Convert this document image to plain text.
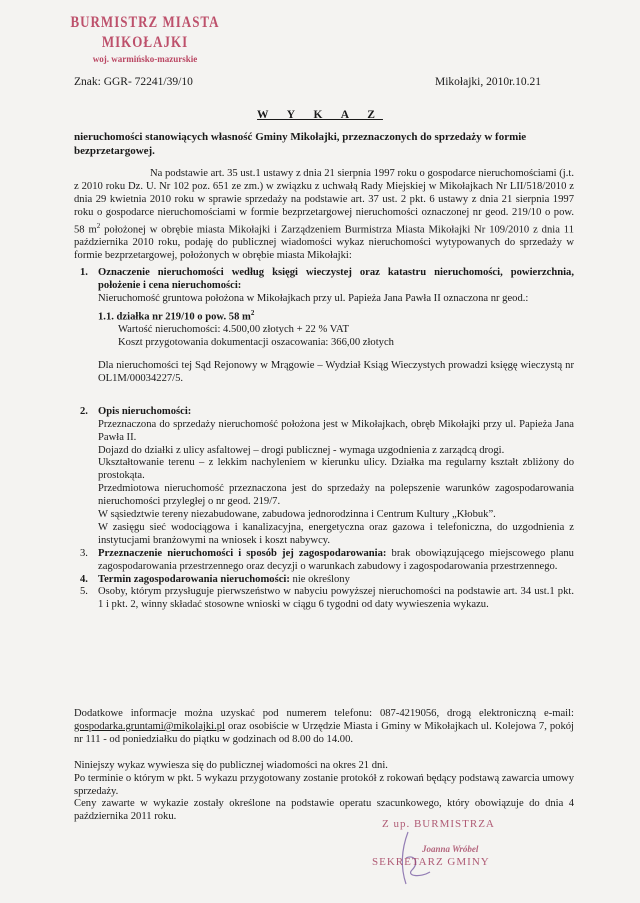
BURMISTRZ MIASTA MIKOŁAJKI
woj. warmińsko-mazurskie
Znak: GGR- 72241/39/10	Mikołajki, 2010r.10.21
W Y K A Z
nieruchomości stanowiących własność Gminy Mikołajki, przeznaczonych do sprzedaży w formie bezprzetargowej.

Na podstawie art. 35 ust.1 ustawy z dnia 21 sierpnia 1997 roku o gospodarce nieruchomościami (j.t. z 2010 roku Dz. U. Nr 102 poz. 651 ze zm.) w związku z uchwałą Rady Miejskiej w Mikołajkach Nr LII/518/2010 z dnia 29 kwietnia 2010 roku w sprawie sprzedaży na podstawie art. 37 ust. 2 pkt. 6 ustawy z dnia 21 sierpnia 1997 roku o gospodarce nieruchomościami w formie bezprzetargowej nieruchomości oznaczonej nr geod. 219/10 o pow. 58 $m^2$ położonej w obrębie miasta Mikołajki i Zarządzeniem Burmistrza Miasta Mikołajki Nr 109/2010 z dnia 11 października 2010 roku, podaję do publicznej wiadomości wykaz nieruchomości wytypowanych do sprzedaży w formie bezprzetargowej, położonych w obrębie miasta Mikołajki:

1. Oznaczenie nieruchomości według księgi wieczystej oraz katastru nieruchomości, powierzchnia, położenie i cena nieruchomości:
Nieruchomość gruntowa położona w Mikołajkach przy ul. Papieża Jana Pawła II oznaczona nr geod.:
1.1. działka nr 219/10 o pow. 58 $m^2$
Wartość nieruchomości: 4.500,00 złotych + 22 % VAT
Koszt przygotowania dokumentacji oszacowania: 366,00 złotych
Dla nieruchomości tej Sąd Rejonowy w Mrągowie – Wydział Ksiąg Wieczystych prowadzi księgę wieczystą nr OL1M/00034227/5.
2. Opis nieruchomości:
Przeznaczona do sprzedaży nieruchomość położona jest w Mikołajkach, obręb Mikołajki przy ul. Papieża Jana Pawła II.
Dojazd do działki z ulicy asfaltowej – drogi publicznej - wymaga uzgodnienia z zarządcą drogi.
Ukształtowanie terenu – z lekkim nachyleniem w kierunku ulicy. Działka ma regularny kształt zbliżony do prostokąta.
Przedmiotowa nieruchomość przeznaczona jest do sprzedaży na polepszenie warunków zagospodarowania nieruchomości przyległej o nr geod. 219/7.
W sąsiedztwie tereny niezabudowane, zabudowa jednorodzinna i Centrum Kultury „Kłobuk”.
W zasięgu sieć wodociągowa i kanalizacyjna, energetyczna oraz gazowa i telefoniczna, do uzgodnienia z instytucjami branżowymi na wniosek i koszt nabywcy.
3. Przeznaczenie nieruchomości i sposób jej zagospodarowania: brak obowiązującego miejscowego planu zagospodarowania przestrzennego oraz decyzji o warunkach zabudowy i zagospodarowania przestrzennego.
4. Termin zagospodarowania nieruchomości: nie określony
5. Osoby, którym przysługuje pierwszeństwo w nabyciu powyższej nieruchomości na podstawie art. 34 ust.1 pkt. 1 i pkt. 2, winny składać stosowne wnioski w ciągu 6 tygodni od daty wywieszenia wykazu.

Dodatkowe informacje można uzyskać pod numerem telefonu: 087-4219056, drogą elektroniczną e-mail: gospodarka.gruntami@mikolajki.pl oraz osobiście w Urzędzie Miasta i Gminy w Mikołajkach ul. Kolejowa 7, pokój nr 111 - od poniedziałku do piątku w godzinach od 8.00 do 14.00.

Niniejszy wykaz wywiesza się do publicznej wiadomości na okres 21 dni.

Po terminie o którym w pkt. 5 wykazu przygotowany zostanie protokół z rokowań będący podstawą zawarcia umowy sprzedaży.

Ceny zawarte w wykazie zostały określone na podstawie operatu szacunkowego, który obowiązuje do dnia 4 października 2011 roku.

Z up. BURMISTRZA
Joanna Wróbel
SEKRETARZ GMINY
